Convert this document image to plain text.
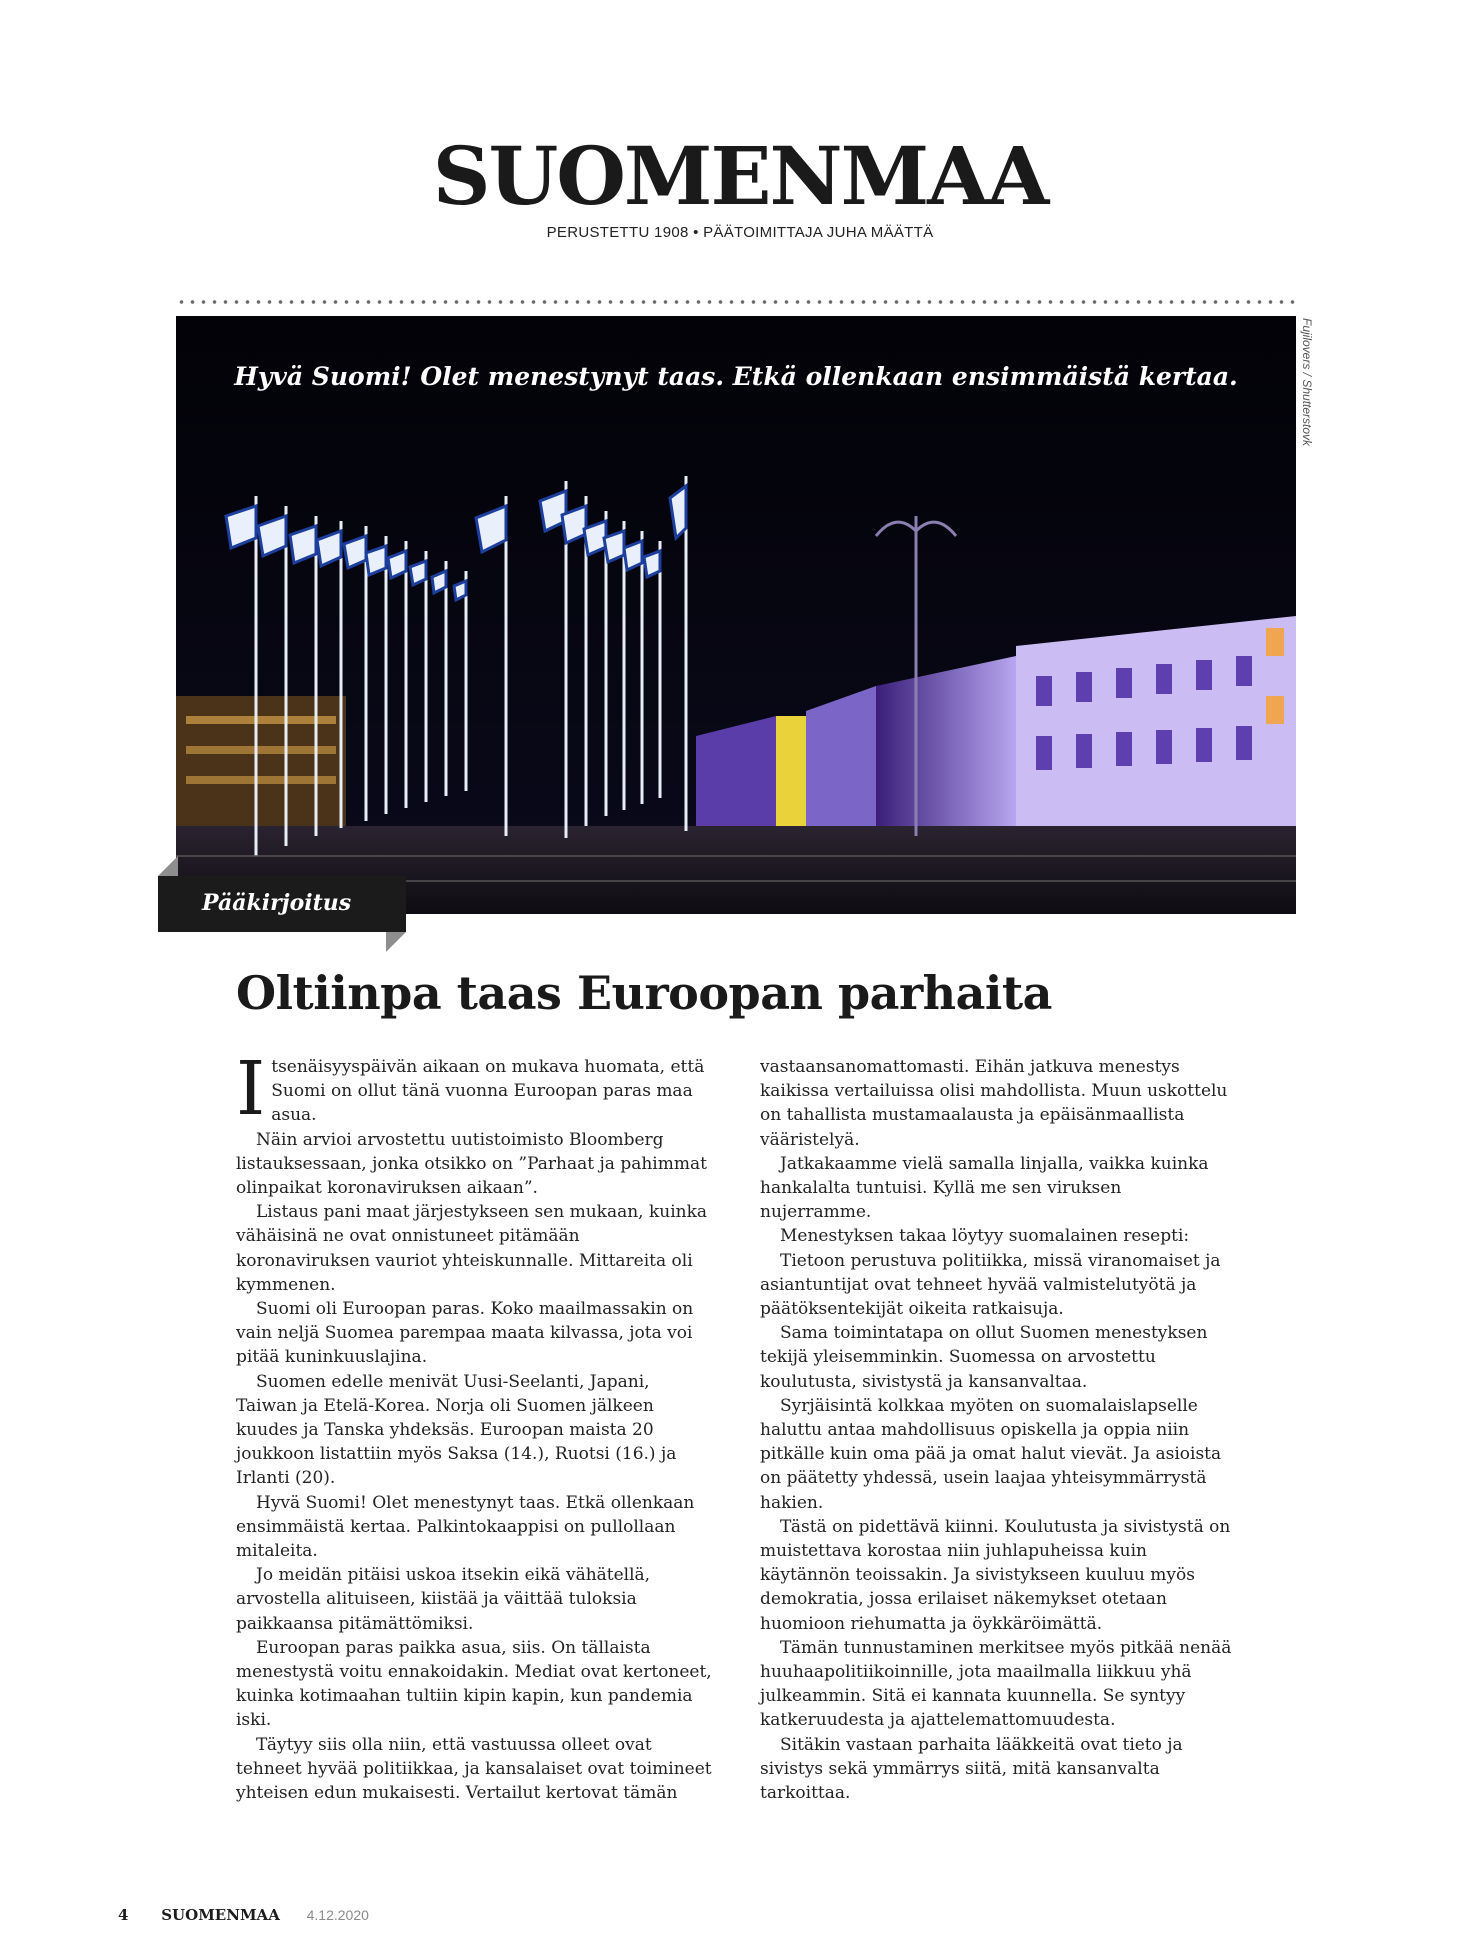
SUOMENMAA
PERUSTETTU 1908 • PÄÄTOIMITTAJA JUHA MÄÄTTÄ
Hyvä Suomi! Olet menestynyt taas. Etkä ollenkaan ensimmäistä kertaa.	Fujilovers / Shutterstovk
Pääkirjoitus
Oltiinpa taas Euroopan parhaita

Itsenäisyyspäivän aikaan on mukava huomata, että Suomi on ollut tänä vuonna Euroopan paras maa asua.

Näin arvioi arvostettu uutistoimisto Bloomberg listauksessaan, jonka otsikko on ”Parhaat ja pahimmat olinpaikat koronaviruksen aikaan”.

Listaus pani maat järjestykseen sen mukaan, kuinka vähäisinä ne ovat onnistuneet pitämään koronaviruksen vauriot yhteiskunnalle. Mittareita oli kymmenen.

Suomi oli Euroopan paras. Koko maailmassakin on vain neljä Suomea parempaa maata kilvassa, jota voi pitää kuninkuuslajina.

Suomen edelle menivät Uusi-Seelanti, Japani, Taiwan ja Etelä-Korea. Norja oli Suomen jälkeen kuudes ja Tanska yhdeksäs. Euroopan maista 20 joukkoon listattiin myös Saksa (14.), Ruotsi (16.) ja Irlanti (20).

Hyvä Suomi! Olet menestynyt taas. Etkä ollenkaan ensimmäistä kertaa. Palkintokaappisi on pullollaan mitaleita.

Jo meidän pitäisi uskoa itsekin eikä vähätellä, arvostella alituiseen, kiistää ja väittää tuloksia paikkaansa pitämättömiksi.

Euroopan paras paikka asua, siis. On tällaista menestystä voitu ennakoidakin. Mediat ovat kertoneet, kuinka kotimaahan tultiin kipin kapin, kun pandemia iski.

Täytyy siis olla niin, että vastuussa olleet ovat tehneet hyvää politiikkaa, ja kansalaiset ovat toimineet yhteisen edun mukaisesti. Vertailut kertovat tämän

vastaansanomattomasti. Eihän jatkuva menestys kaikissa vertailuissa olisi mahdollista. Muun uskottelu on tahallista mustamaalausta ja epäisänmaallista vääristelyä.

Jatkakaamme vielä samalla linjalla, vaikka kuinka hankalalta tuntuisi. Kyllä me sen viruksen nujerramme.

Menestyksen takaa löytyy suomalainen resepti:

Tietoon perustuva politiikka, missä viranomaiset ja asiantuntijat ovat tehneet hyvää valmistelutyötä ja päätöksentekijät oikeita ratkaisuja.

Sama toimintatapa on ollut Suomen menestyksen tekijä yleisemminkin. Suomessa on arvostettu koulutusta, sivistystä ja kansanvaltaa.

Syrjäisintä kolkkaa myöten on suomalaislapselle haluttu antaa mahdollisuus opiskella ja oppia niin pitkälle kuin oma pää ja omat halut vievät. Ja asioista on päätetty yhdessä, usein laajaa yhteisymmärrystä hakien.

Tästä on pidettävä kiinni. Koulutusta ja sivistystä on muistettava korostaa niin juhlapuheissa kuin käytännön teoissakin. Ja sivistykseen kuuluu myös demokratia, jossa erilaiset näkemykset otetaan huomioon riehumatta ja öykkäröimättä.

Tämän tunnustaminen merkitsee myös pitkää nenää huuhaapolitiikoinnille, jota maailmalla liikkuu yhä julkeammin. Sitä ei kannata kuunnella. Se syntyy katkeruudesta ja ajattelemattomuudesta.

Sitäkin vastaan parhaita lääkkeitä ovat tieto ja sivistys sekä ymmärrys siitä, mitä kansanvalta tarkoittaa.

4 SUOMENMAA 4.12.2020
